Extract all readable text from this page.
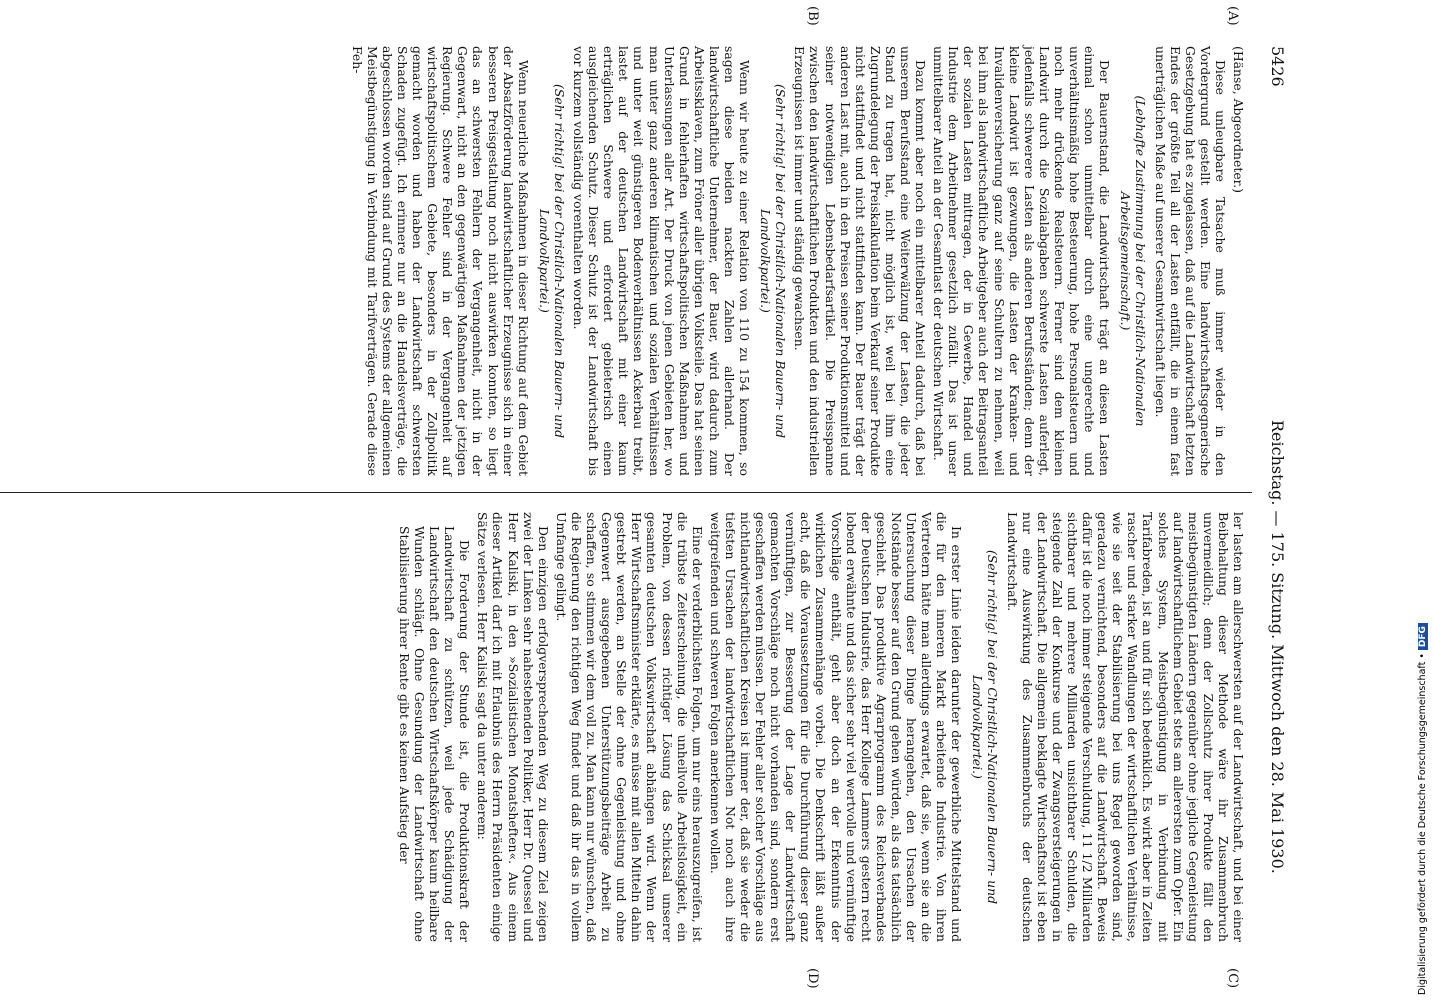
5426
Reichstag. — 175. Sitzung. Mittwoch den 28. Mai 1930.
(A)
(B)
(C)
(D)

(Hänse, Abgeordneter.)

Diese unleugbare Tatsache muß immer wieder in den Vordergrund gestellt werden. Eine landwirtschaftsgegnerische Gesetzgebung hat es zugelassen, daß auf die Landwirtschaft letzten Endes der größte Teil all der Lasten entfällt, die in einem fast unerträglichen Maße auf unserer Gesamtwirtschaft liegen.

(Lebhafte Zustimmung bei der Christlich-Nationalen Arbeitsgemeinschaft.)

Der Bauernstand, die Landwirtschaft trägt an diesen Lasten einmal schon unmittelbar durch eine ungerechte und unverhältnismäßig hohe Besteuerung, hohe Personalsteuern und noch mehr drückende Realsteuern. Ferner sind dem kleinen Landwirt durch die Sozialabgaben schwerste Lasten auferlegt, jedenfalls schwerere Lasten als anderen Berufsständen; denn der kleine Landwirt ist gezwungen, die Lasten der Kranken- und Invalidenversicherung ganz auf seine Schultern zu nehmen, weil bei ihm als landwirtschaftliche Arbeitgeber auch der Beitragsanteil der sozialen Lasten mittragen, der in Gewerbe, Handel und Industrie dem Arbeitnehmer gesetzlich zufällt. Das ist unser unmittelbarer Anteil an der Gesamtlast der deutschen Wirtschaft.

Dazu kommt aber noch ein mittelbarer Anteil dadurch, daß bei unserem Berufsstand eine Weiterwälzung der Lasten, die jeder Stand zu tragen hat, nicht möglich ist, weil bei ihm eine Zugrundelegung der Preiskalkulation beim Verkauf seiner Produkte nicht stattfindet und nicht stattfinden kann. Der Bauer trägt der anderen Last mit, auch in den Preisen seiner Produktionsmittel und seiner notwendigen Lebensbedarfsartikel. Die Preisspanne zwischen den landwirtschaftlichen Produkten und den industriellen Erzeugnissen ist immer und ständig gewachsen.

(Sehr richtig! bei der Christlich-Nationalen Bauern- und Landvolkpartei.)

Wenn wir heute zu einer Relation von 110 zu 154 kommen, so sagen diese beiden nackten Zahlen allerhand. Der landwirtschaftliche Unternehmer, der Bauer, wird dadurch zum Arbeitssklaven, zum Fröner aller übrigen Volksteile. Das hat seinen Grund in fehlerhaften wirtschaftspolitischen Maßnahmen und Unterlassungen aller Art. Der Druck von jenen Gebieten her, wo man unter ganz anderen klimatischen und sozialen Verhältnissen und unter weit günstigeren Bodenverhältnissen Ackerbau treibt, lastet auf der deutschen Landwirtschaft mit einer kaum erträglichen Schwere und erfordert gebieterisch einen ausgleichenden Schutz. Dieser Schutz ist der Landwirtschaft bis vor kurzem vollständig vorenthalten worden.

(Sehr richtig! bei der Christlich-Nationalen Bauern- und Landvolkpartei.)

Wenn neuerliche Maßnahmen in dieser Richtung auf dem Gebiet der Absatzförderung landwirtschaftlicher Erzeugnisse sich in einer besseren Preisgestaltung noch nicht auswirken konnten, so liegt das an schwersten Fehlern der Vergangenheit, nicht in der Gegenwart, nicht an den gegenwärtigen Maßnahmen der jetzigen Regierung. Schwere Fehler sind in der Vergangenheit auf wirtschaftspolitischem Gebiete, besonders in der Zollpolitik gemacht worden und haben der Landwirtschaft schwersten Schaden zugefügt. Ich erinnere nur an die Handelsverträge, die abgeschlossen worden sind auf Grund des Systems der allgemeinen Meistbegünstigung in Verbindung mit Tarifverträgen. Gerade diese Feh-

ler lasten am allerschwersten auf der Landwirtschaft, und bei einer Beibehaltung dieser Methode wäre ihr Zusammenbruch unvermeidlich; denn der Zollschutz ihrer Produkte fällt den meistbegünstigten Ländern gegenüber ohne jegliche Gegenleistung auf landwirtschaftlichem Gebiet stets am allerersten zum Opfer. Ein solches System, Meistbegünstigung in Verbindung mit Tarifabreden, ist an und für sich bedenklich. Es wirkt aber in Zeiten rascher und starker Wandlungen der wirtschaftlichen Verhältnisse, wie sie seit der Stabilisierung bei uns Regel geworden sind, geradezu vernichtend, besonders auf die Landwirtschaft. Beweis dafür ist die noch immer steigende Verschuldung, 11 1/2 Milliarden sichtbarer und mehrere Milliarden unsichtbarer Schulden, die steigende Zahl der Konkurse und der Zwangsversteigerungen in der Landwirtschaft. Die allgemein beklagte Wirtschaftsnot ist eben nur eine Auswirkung des Zusammenbruchs der deutschen Landwirtschaft.

(Sehr richtig! bei der Christlich-Nationalen Bauern- und Landvolkpartei.)

In erster Linie leiden darunter der gewerbliche Mittelstand und die für den inneren Markt arbeitende Industrie. Von ihren Vertretern hätte man allerdings erwartet, daß sie, wenn sie an die Untersuchung dieser Dinge herangehen, den Ursachen der Notstände besser auf den Grund gehen würden, als das tatsächlich geschieht. Das produktive Agrarprogramm des Reichsverbandes der Deutschen Industrie, das Herr Kollege Lammers gestern recht lobend erwähnte und das sicher sehr viel wertvolle und vernünftige Vorschläge enthält, geht aber doch an der Erkenntnis der wirklichen Zusammenhänge vorbei. Die Denkschrift läßt außer acht, daß die Voraussetzungen für die Durchführung dieser ganz vernünftigen, zur Besserung der Lage der Landwirtschaft gemachten Vorschläge noch nicht vorhanden sind, sondern erst geschaffen werden müssen. Der Fehler aller solcher Vorschläge aus nichtlandwirtschaftlichen Kreisen ist immer der, daß sie weder die tiefsten Ursachen der landwirtschaftlichen Not noch auch ihre weitgreifenden und schweren Folgen anerkennen wollen.

Eine der verderblichsten Folgen, um nur eins herauszugreifen, ist die trübste Zeiterscheinung, die unheilvolle Arbeitslosigkeit, ein Problem, von dessen richtiger Lösung das Schicksal unserer gesamten deutschen Volkswirtschaft abhängen wird. Wenn der Herr Wirtschaftsminister erklärte, es müsse mit allen Mitteln dahin gestrebt werden, an Stelle der ohne Gegenleistung und ohne Gegenwert ausgegebenen Unterstützungsbeiträge Arbeit zu schaffen, so stimmen wir dem voll zu. Man kann nur wünschen, daß die Regierung den richtigen Weg findet und daß ihr das in vollem Umfange gelingt.

Den einzigen erfolgversprechenden Weg zu diesem Ziel zeigen zwei der Linken sehr nahestehenden Politiker, Herr Dr. Quessel und Herr Kaliski, in den »Sozialistischen Monatsheften«. Aus einem dieser Artikel darf ich mit Erlaubnis des Herrn Präsidenten einige Sätze verlesen. Herr Kaliski sagt da unter anderem:

Die Forderung der Stunde ist, die Produktionskraft der Landwirtschaft zu schützen, weil jede Schädigung der Landwirtschaft den deutschen Wirtschaftskörper kaum heilbare Wunden schlägt. Ohne Gesundung der Landwirtschaft ohne Stabilisierung ihrer Rente gibt es keinen Aufstieg der	Digitalisierung gefördert durch die Deutsche Forschungsgemeinschaft •DFG
